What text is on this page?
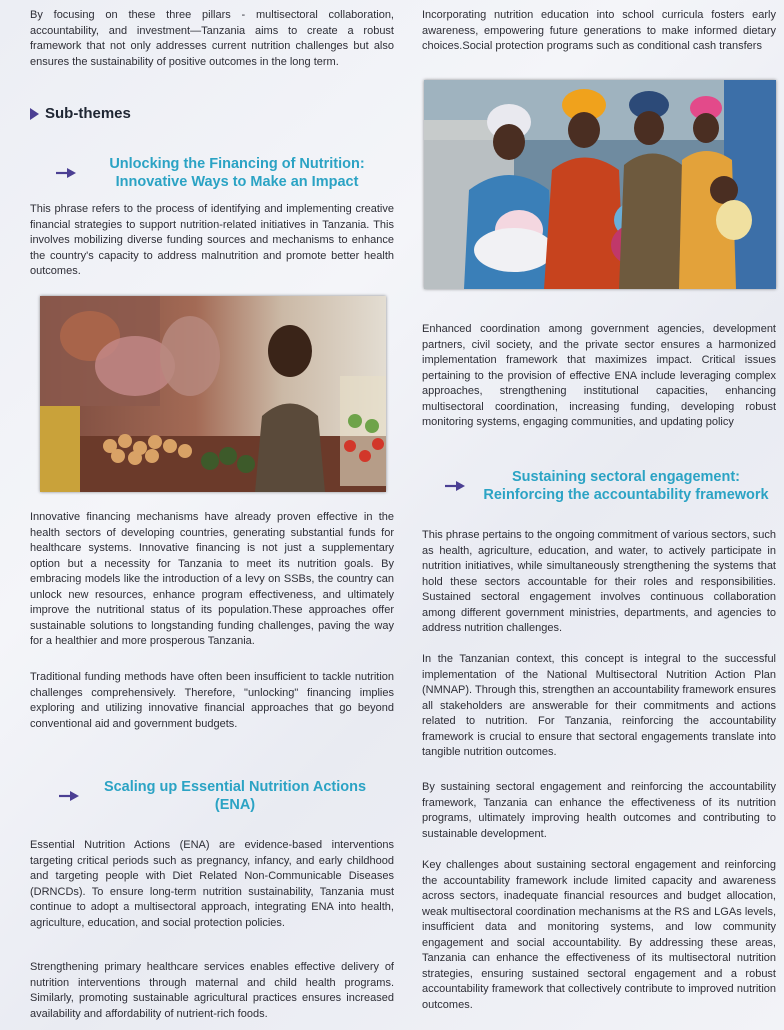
By focusing on these three pillars - multisectoral collaboration, accountability, and investment—Tanzania aims to create a robust framework that not only addresses current nutrition challenges but also ensures the sustainability of positive outcomes in the long term.

Sub-themes
Unlocking the Financing of Nutrition:
Innovative Ways to Make an Impact

This phrase refers to the process of identifying and implementing creative financial strategies to support nutrition-related initiatives in Tanzania. This involves mobilizing diverse funding sources and mechanisms to enhance the country's capacity to address malnutrition and promote better health outcomes.

Innovative financing mechanisms have already proven effective in the health sectors of developing countries, generating substantial funds for healthcare systems. Innovative financing is not just a supplementary option but a necessity for Tanzania to meet its nutrition goals. By embracing models like the introduction of a levy on SSBs, the country can unlock new resources, enhance program effectiveness, and ultimately improve the nutritional status of its population.These approaches offer sustainable solutions to longstanding funding challenges, paving the way for a healthier and more prosperous Tanzania.

Traditional funding methods have often been insufficient to tackle nutrition challenges comprehensively. Therefore, "unlocking" financing implies exploring and utilizing innovative financial approaches that go beyond conventional aid and government budgets.

Scaling up Essential Nutrition Actions
(ENA)

Essential Nutrition Actions (ENA) are evidence-based interventions targeting critical periods such as pregnancy, infancy, and early childhood and targeting people with Diet Related Non-Communicable Diseases (DRNCDs). To ensure long-term nutrition sustainability, Tanzania must continue to adopt a multisectoral approach, integrating ENA into health, agriculture, education, and social protection policies.

Strengthening primary healthcare services enables effective delivery of nutrition interventions through maternal and child health programs. Similarly, promoting sustainable agricultural practices ensures increased availability and affordability of nutrient-rich foods.

Incorporating nutrition education into school curricula fosters early awareness, empowering future generations to make informed dietary choices.Social protection programs such as conditional cash transfers

Enhanced coordination among government agencies, development partners, civil society, and the private sector ensures a harmonized implementation framework that maximizes impact. Critical issues pertaining to the provision of effective ENA include leveraging complex approaches, strengthening institutional capacities, enhancing multisectoral coordination, increasing funding, developing robust monitoring systems, engaging communities, and updating policy

Sustaining sectoral engagement:
Reinforcing the accountability framework

This phrase pertains to the ongoing commitment of various sectors, such as health, agriculture, education, and water, to actively participate in nutrition initiatives, while simultaneously strengthening the systems that hold these sectors accountable for their roles and responsibilities. Sustained sectoral engagement involves continuous collaboration among different government ministries, departments, and agencies to address nutrition challenges.

In the Tanzanian context, this concept is integral to the successful implementation of the National Multisectoral Nutrition Action Plan (NMNAP). Through this, strengthen an accountability framework ensures all stakeholders are answerable for their commitments and actions related to nutrition. For Tanzania, reinforcing the accountability framework is crucial to ensure that sectoral engagements translate into tangible nutrition outcomes.

By sustaining sectoral engagement and reinforcing the accountability framework, Tanzania can enhance the effectiveness of its nutrition programs, ultimately improving health outcomes and contributing to sustainable development.

Key challenges about sustaining sectoral engagement and reinforcing the accountability framework include limited capacity and awareness across sectors, inadequate financial resources and budget allocation, weak multisectoral coordination mechanisms at the RS and LGAs levels, insufficient data and monitoring systems, and low community engagement and social accountability. By addressing these areas, Tanzania can enhance the effectiveness of its multisectoral nutrition strategies, ensuring sustained sectoral engagement and a robust accountability framework that collectively contribute to improved nutrition outcomes.
